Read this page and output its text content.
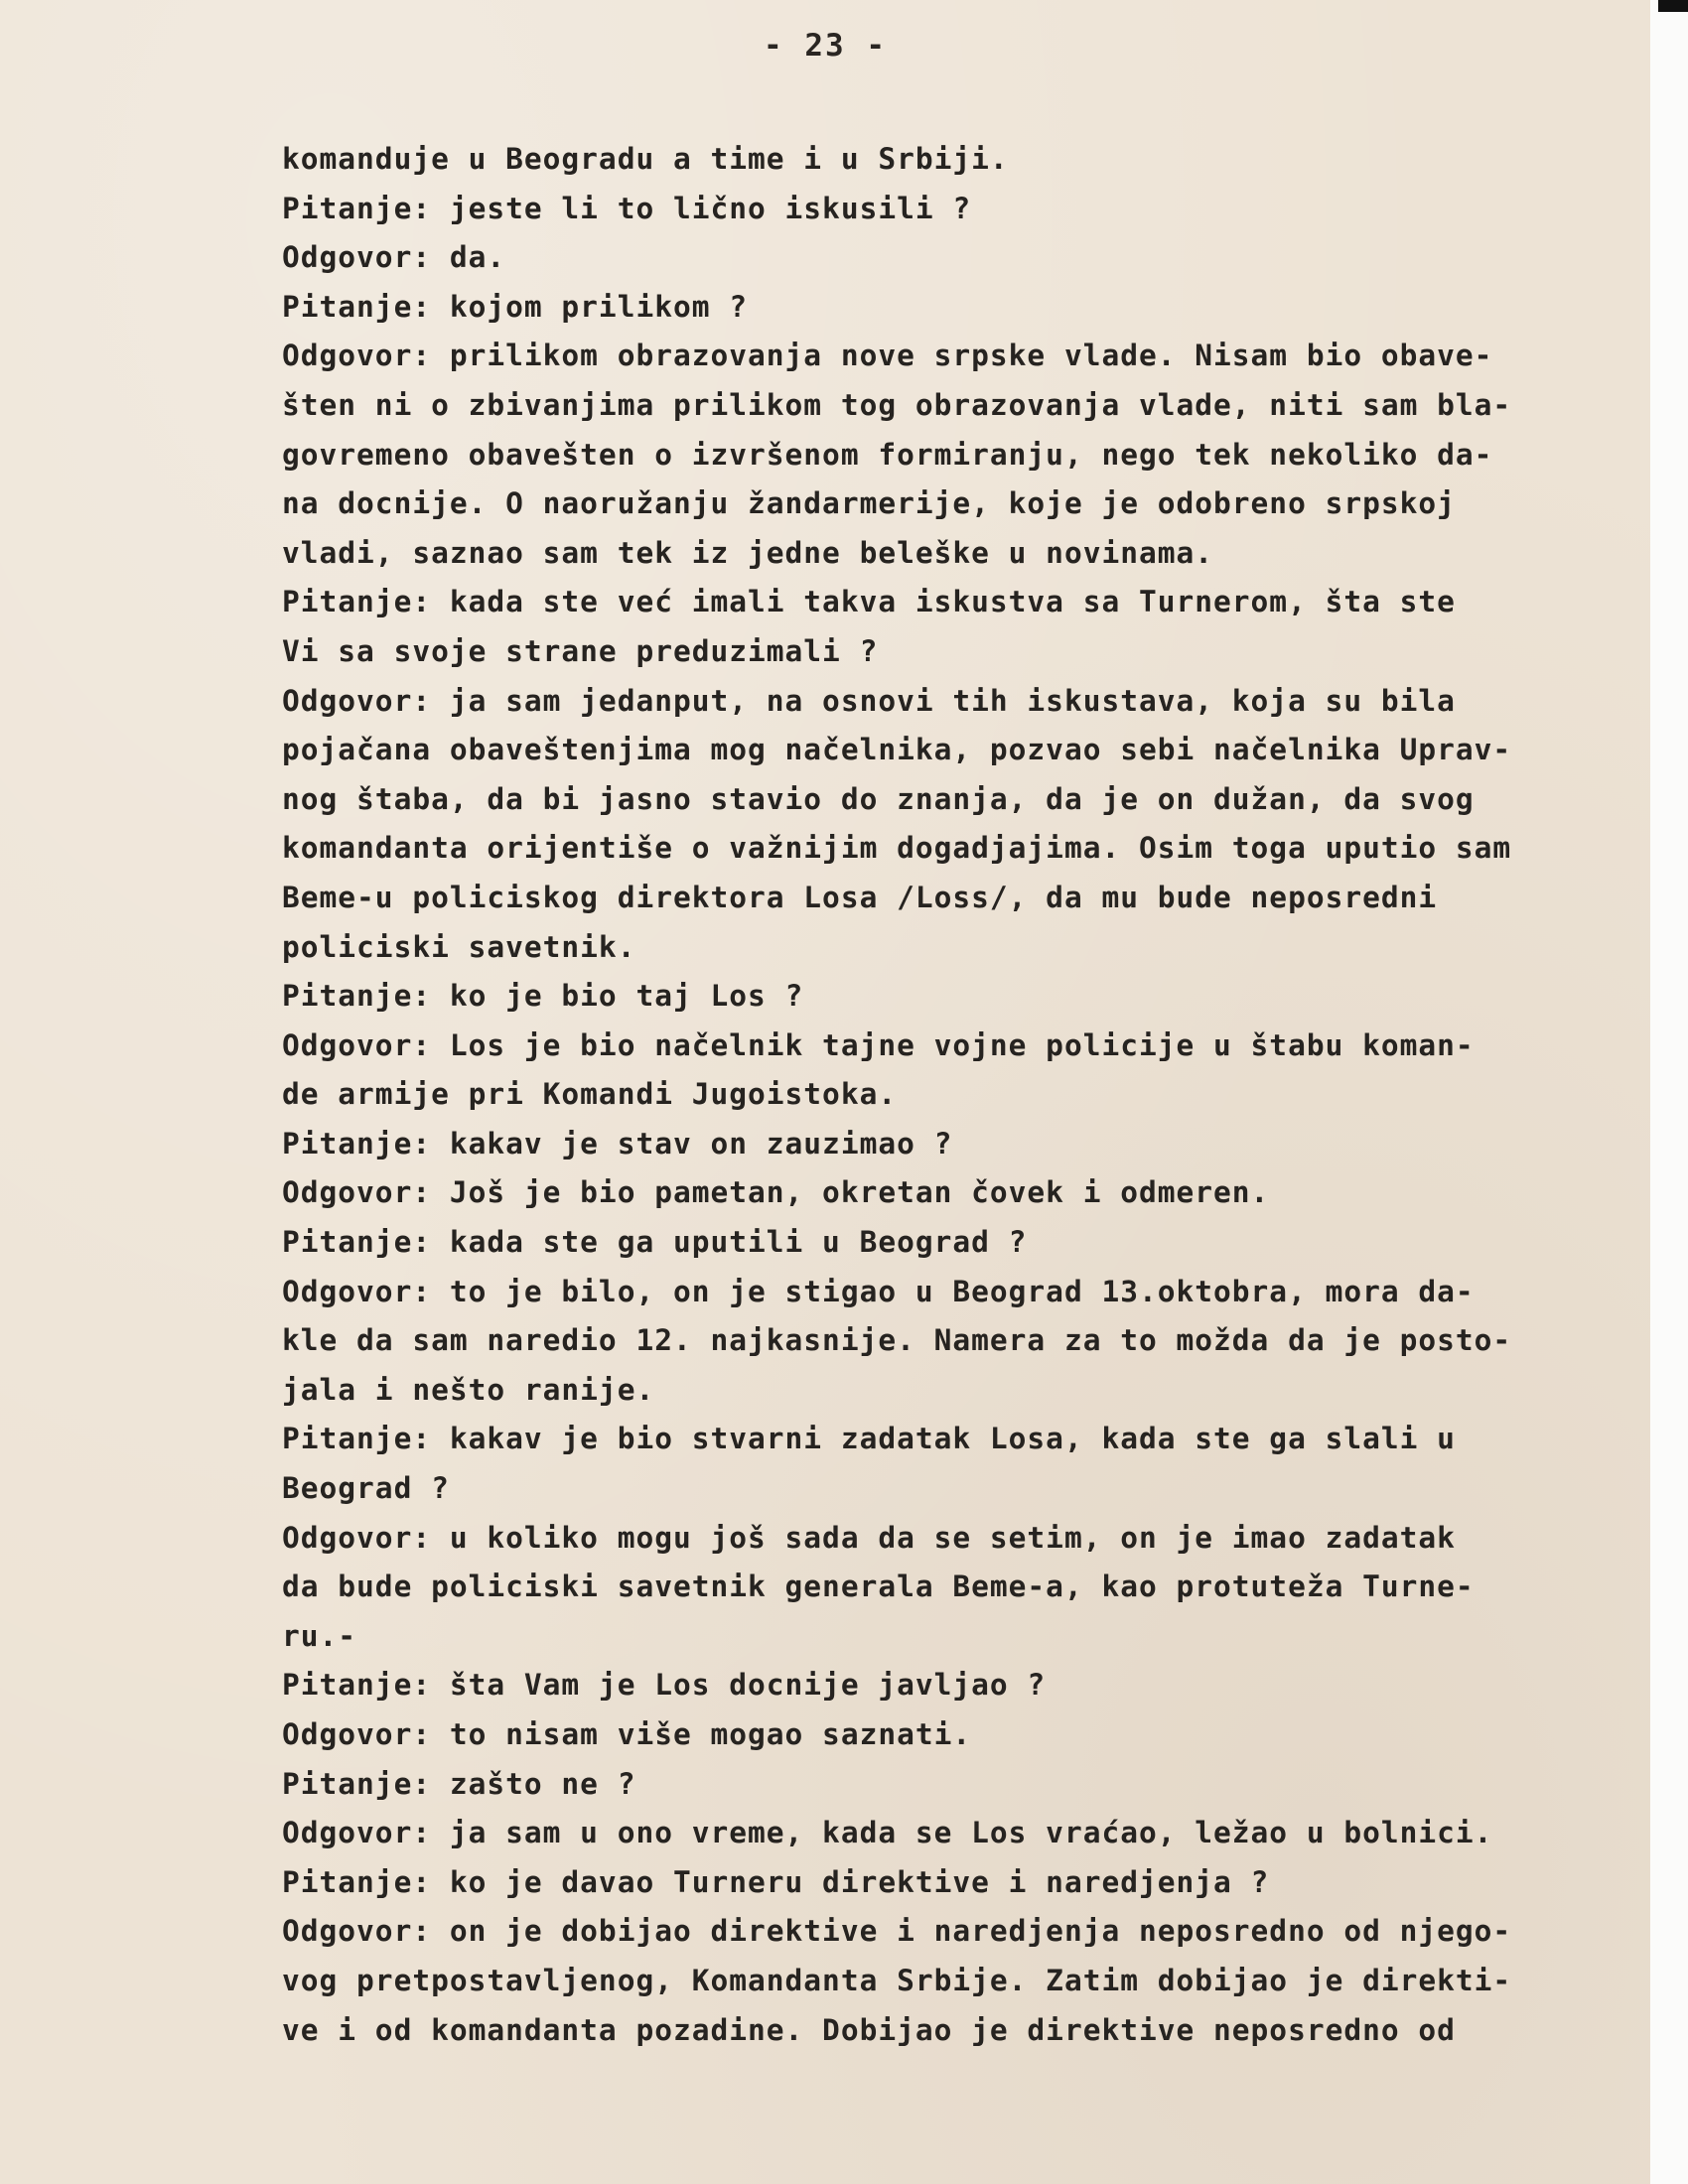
- 23 -
komanduje u Beogradu a time i u Srbiji.
Pitanje: jeste li to lično iskusili ?
Odgovor: da.
Pitanje: kojom prilikom ?
Odgovor: prilikom obrazovanja nove srpske vlade. Nisam bio obave-
šten ni o zbivanjima prilikom tog obrazovanja vlade, niti sam bla-
govremeno obavešten o izvršenom formiranju, nego tek nekoliko da-
na docnije. O naoružanju žandarmerije, koje je odobreno srpskoj
vladi, saznao sam tek iz jedne beleške u novinama.
Pitanje: kada ste već imali takva iskustva sa Turnerom, šta ste
Vi sa svoje strane preduzimali ?
Odgovor: ja sam jedanput, na osnovi tih iskustava, koja su bila
pojačana obaveštenjima mog načelnika, pozvao sebi načelnika Uprav-
nog štaba, da bi jasno stavio do znanja, da je on dužan, da svog
komandanta orijentiše o važnijim dogadjajima. Osim toga uputio sam
Beme-u policiskog direktora Losa /Loss/, da mu bude neposredni
policiski savetnik.
Pitanje: ko je bio taj Los ?
Odgovor: Los je bio načelnik tajne vojne policije u štabu koman-
de armije pri Komandi Jugoistoka.
Pitanje: kakav je stav on zauzimao ?
Odgovor: Još je bio pametan, okretan čovek i odmeren.
Pitanje: kada ste ga uputili u Beograd ?
Odgovor: to je bilo, on je stigao u Beograd 13.oktobra, mora da-
kle da sam naredio 12. najkasnije. Namera za to možda da je posto-
jala i nešto ranije.
Pitanje: kakav je bio stvarni zadatak Losa, kada ste ga slali u
Beograd ?
Odgovor: u koliko mogu još sada da se setim, on je imao zadatak
da bude policiski savetnik generala Beme-a, kao protuteža Turne-
ru.-
Pitanje: šta Vam je Los docnije javljao ?
Odgovor: to nisam više mogao saznati.
Pitanje: zašto ne ?
Odgovor: ja sam u ono vreme, kada se Los vraćao, ležao u bolnici.
Pitanje: ko je davao Turneru direktive i naredjenja ?
Odgovor: on je dobijao direktive i naredjenja neposredno od njego-
vog pretpostavljenog, Komandanta Srbije. Zatim dobijao je direkti-
ve i od komandanta pozadine. Dobijao je direktive neposredno od
